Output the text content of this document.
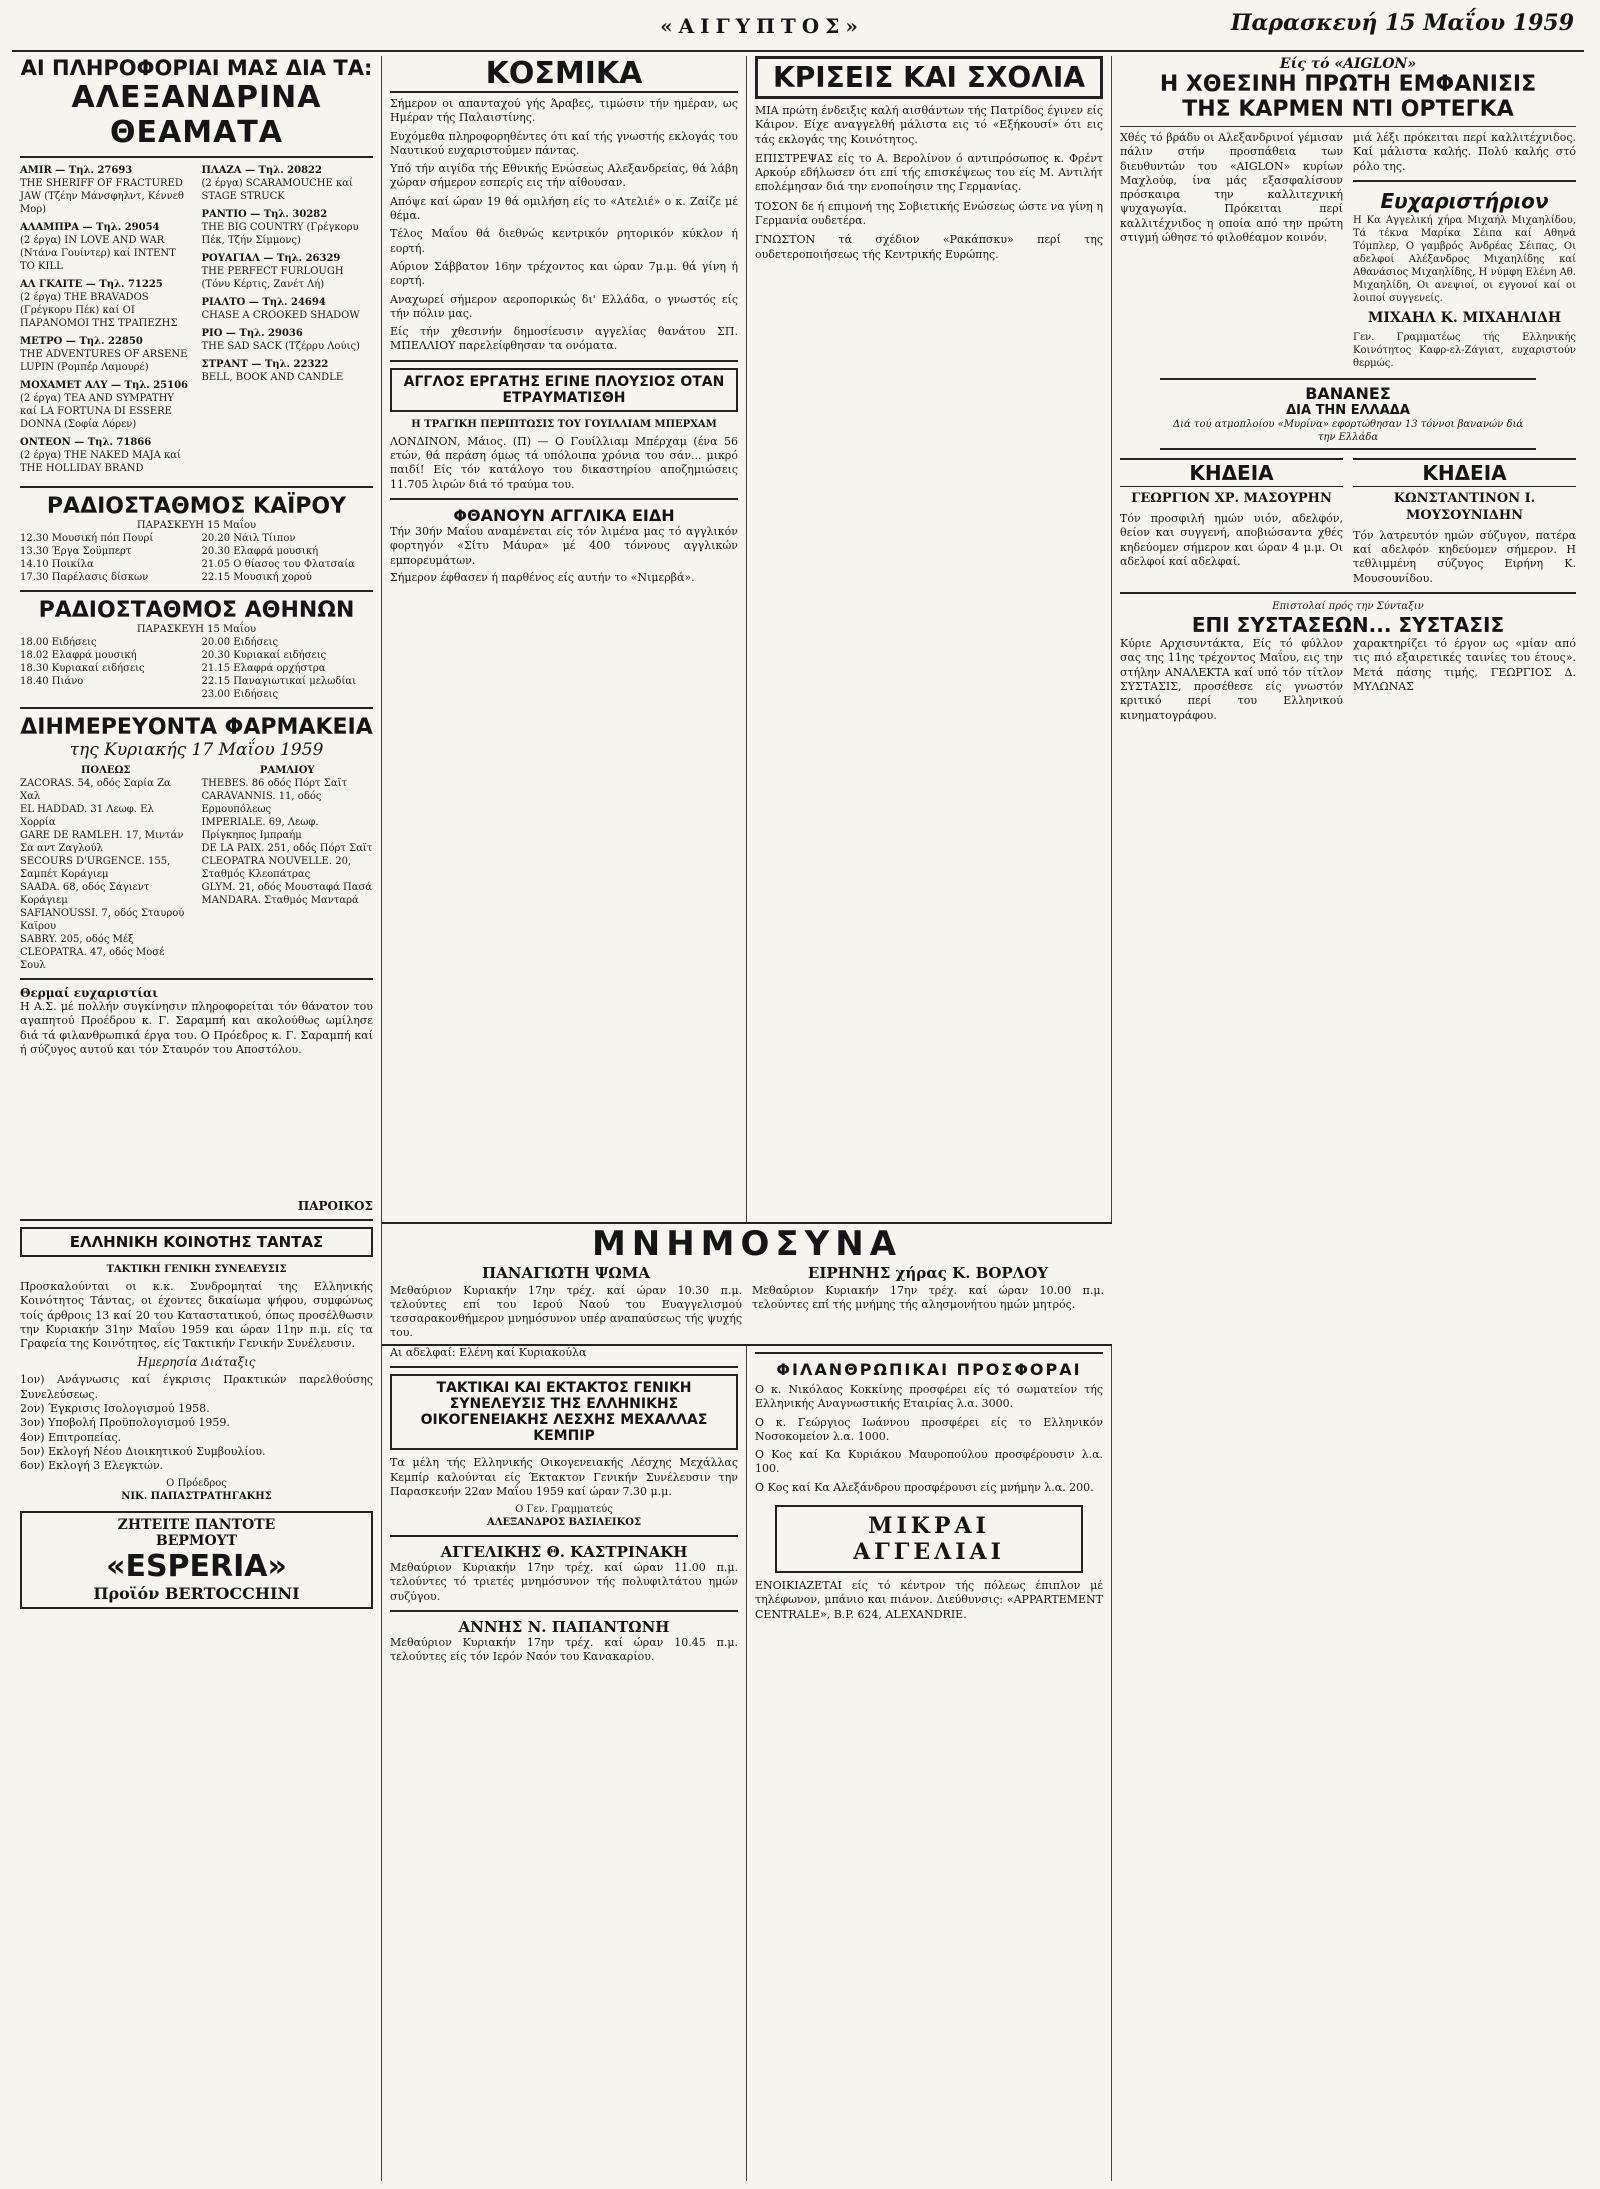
«ΑΙΓΥΠΤΟΣ»	Παρασκευή 15 Μαΐου 1959
ΑΙ ΠΛΗΡΟΦΟΡΙΑΙ ΜΑΣ ΔΙΑ ΤΑ:
ΑΛΕΞΑΝΔΡΙΝΑ ΘΕΑΜΑΤΑ
AMIR — Τηλ. 27693
THE SHERIFF OF FRACTURED JAW (Τζέην Μάνσφηλντ, Κέννεθ Μορ)
ΑΛΑΜΠΡΑ — Τηλ. 29054
(2 έργα) IN LOVE AND WAR (Ντάνα Γουίντερ) καί INTENT TO KILL
ΑΛ ΓΚΑΙΤΕ — Τηλ. 71225
(2 έργα) THE BRAVADOS (Γρέγκορυ Πέκ) καί ΟΙ ΠΑΡΑΝΟΜΟΙ ΤΗΣ ΤΡΑΠΕΖΗΣ
ΜΕΤΡΟ — Τηλ. 22850
THE ADVENTURES OF ARSENE LUPIN (Ρομπέρ Λαμουρέ)
ΜΟΧΑΜΕΤ ΑΛΥ — Τηλ. 25106
(2 έργα) TEA AND SYMPATHY καί LA FORTUNA DI ESSERE DONNA (Σοφία Λόρεν)
ΟΝΤΕΟΝ — Τηλ. 71866
(2 έργα) THE NAKED MAJA καί THE HOLLIDAY BRAND
ΠΛΑΖΑ — Τηλ. 20822
(2 έργα) SCARAMOUCHE καί STAGE STRUCK
ΡΑΝΤΙΟ — Τηλ. 30282
THE BIG COUNTRY (Γρέγκορυ Πέκ, Τζήν Σίμμονς)
ΡΟΥΑΓΙΑΛ — Τηλ. 26329
THE PERFECT FURLOUGH (Τόνυ Κέρτις, Ζανέτ Λή)
ΡΙΑΛΤΟ — Τηλ. 24694
CHASE A CROOKED SHADOW
ΡΙΟ — Τηλ. 29036
THE SAD SACK (Τζέρρυ Λούις)
ΣΤΡΑΝΤ — Τηλ. 22322
BELL, BOOK AND CANDLE
ΡΑΔΙΟΣΤΑΘΜΟΣ ΚΑΪΡΟΥ
ΠΑΡΑΣΚΕΥΗ 15 Μαΐου
12.30 Μουσική πόπ Πουρί
13.30 Έργα Σοϋμπερτ
14.10 Ποικίλα
17.30 Παρέλασις δίσκων
20.20 Νάιλ Τίιπον
20.30 Ελαφρά μουσική
21.05 Ο θίασος του Φλατσαία
22.15 Μουσική χορού
ΡΑΔΙΟΣΤΑΘΜΟΣ ΑΘΗΝΩΝ
ΠΑΡΑΣΚΕΥΗ 15 Μαΐου
18.00 Ειδήσεις
18.02 Ελαφρά μουσική
18.30 Κυριακαί ειδήσεις
18.40 Πιάνο
20.00 Ειδήσεις
20.30 Κυριακαί ειδήσεις
21.15 Ελαφρά ορχήστρα
22.15 Παναγιωτικαί μελωδίαι
23.00 Ειδήσεις
ΔΙΗΜΕΡΕΥΟΝΤΑ ΦΑΡΜΑΚΕΙΑ
της Κυριακής 17 Μαΐου 1959
ΠΟΛΕΩΣ
ZACORAS. 54, οδός Σαρία Ζα Χαλ
EL HADDAD. 31 Λεωφ. Ελ Χορρία
GARE DE RAMLEH. 17, Μιντάν Σα αντ Ζαγλούλ
SECOURS D'URGENCE. 155, Σαμπέτ Κοράγιεμ
SAADA. 68, οδός Σάγιεντ Κοράγιεμ
SAFIANOUSSI. 7, οδός Σταυρού Καϊρου
SABRY. 205, οδός Μέξ
CLEOPATRA. 47, οδός Μοσέ Σουλ
ΡΑΜΛΙΟΥ
THEBES. 86 οδός Πόρτ Σαϊτ
CARAVANNIS. 11, οδός Ερμουπόλεως
IMPERIALE. 69, Λεωφ. Πρίγκηπος Ιμπραήμ
DE LA PAIX. 251, οδός Πόρτ Σαϊτ
CLEOPATRA NOUVELLE. 20, Σταθμός Κλεοπάτρας
GLYM. 21, οδός Μουσταφά Πασά
MANDARA. Σταθμός Μανταρά
Θερμαί ευχαριστίαι
Η Α.Σ. μέ πολλήν συγκίνησιν πληροφορείται τόν θάνατον του αγαπητού Προέδρου κ. Γ. Σαραμπή και ακολούθως ωμίλησε διά τά φιλανθρωπικά έργα του. Ο Πρόεδρος κ. Γ. Σαραμπή καί ή σύζυγος αυτού και τόν Σταυρόν του Αποστόλου.
ΠΑΡΟΙΚΟΣ
ΕΛΛΗΝΙΚΗ ΚΟΙΝΟΤΗΣ ΤΑΝΤΑΣ
ΤΑΚΤΙΚΗ ΓΕΝΙΚΗ ΣΥΝΕΛΕΥΣΙΣ
Προσκαλούνται οι κ.κ. Συνδρομηταί της Ελληνικής Κοινότητος Τάντας, οι έχοντες δικαίωμα ψήφου, συμφώνως τοίς άρθροις 13 καί 20 του Καταστατικού, όπως προσέλθωσιν την Κυριακήν 31ην Μαΐου 1959 και ώραν 11ην π.μ. είς τα Γραφεία της Κοινότητος, είς Τακτικήν Γενικήν Συνέλευσιν.
Ημερησία Διάταξις
1ον) Ανάγνωσις καί έγκρισις Πρακτικών παρελθούσης Συνελεύσεως.
2ον) Έγκρισις Ισολογισμού 1958.
3ον) Υποβολή Προϋπολογισμού 1959.
4ον) Επιτροπείας.
5ον) Εκλογή Νέου Διοικητικού Συμβουλίου.
6ον) Εκλογή 3 Ελεγκτών.
Ο Πρόεδρος
ΝΙΚ. ΠΑΠΑΣΤΡΑΤΗΓΑΚΗΣ
ΖΗΤΕΙΤΕ ΠΑΝΤΟΤΕ
ΒΕΡΜΟΥΤ
«ESPERIA»
Προϊόν BERTOCCHINI
ΚΟΣΜΙΚΑ

Σήμερον οι απανταχού γής Άραβες, τιμώσιν τήν ημέραν, ως Ημέραν τής Παλαιστίνης.

Ευχόμεθα πληροφορηθέντες ότι καί τής γνωστής εκλογάς του Ναυτικού ευχαριστούμεν πάντας.

Υπό τήν αιγίδα τής Εθνικής Ενώσεως Αλεξανδρείας, θά λάβη χώραν σήμερον εσπερίς εις τήν αίθουσαν.

Απόψε καί ώραν 19 θά ομιλήση είς το «Ατελιέ» ο κ. Ζαίζε μέ θέμα.

Τέλος Μαΐου θά διεθνώς κεντρικόν ρητορικόν κύκλον ή εορτή.

Αύριον Σάββατον 16ην τρέχοντος και ώραν 7μ.μ. θά γίνη ή εορτή.

Αναχωρεί σήμερον αεροπορικώς δι' Ελλάδα, ο γνωστός είς τήν πόλιν μας.

Είς τήν χθεσινήν δημοσίευσιν αγγελίας θανάτου ΣΠ. ΜΠΕΛΛΙΟΥ παρελείφθησαν τα ονόματα.

ΑΓΓΛΟΣ ΕΡΓΑΤΗΣ ΕΓΙΝΕ ΠΛΟΥΣΙΟΣ ΟΤΑΝ ΕΤΡΑΥΜΑΤΙΣΘΗ
Η ΤΡΑΓΙΚΗ ΠΕΡΙΠΤΩΣΙΣ ΤΟΥ ΓΟΥΙΛΛΙΑΜ ΜΠΕΡΧΑΜ
ΛΟΝΔΙΝΟΝ, Μάιος. (Π) — Ο Γουίλλιαμ Μπέρχαμ (ένα 56 ετών, θά περάση όμως τά υπόλοιπα χρόνια του σάν... μικρό παιδί! Είς τόν κατάλογο του δικαστηρίου αποζημιώσεις 11.705 λιρών διά τό τραύμα του.
ΦΘΑΝΟΥΝ ΑΓΓΛΙΚΑ ΕΙΔΗ
Τήν 30ήν Μαΐου αναμένεται είς τόν λιμένα μας τό αγγλικόν φορτηγόν «Σίτυ Μάυρα» μέ 400 τόννους αγγλικών εμπορευμάτων.
Σήμερον έφθασεν ή παρθένος είς αυτήν το «Νιμερβά».
ΚΡΙΣΕΙΣ ΚΑΙ ΣΧΟΛΙΑ

ΜΙΑ πρώτη ένδειξις καλή αισθάντων τής Πατρίδος έγινεν είς Κάιρον. Είχε αναγγελθή μάλιστα εις τό «Εξήκουσί» ότι εις τάς εκλογάς της Κοινότητος.

ΕΠΙΣΤΡΕΨΑΣ είς το Α. Βερολίνον ό αντιπρόσωπος κ. Φρέντ Αρκούρ εδήλωσεν ότι επί τής επισκέψεως του είς Μ. Αντιλήτ επολέμησαν διά την ενοποίησιν της Γερμανίας.

ΤΟΣΟΝ δε ή επιμονή της Σοβιετικής Ενώσεως ώστε να γίνη η Γερμανία ουδετέρα.

ΓΝΩΣΤΟΝ τά σχέδιον «Ρακάπσκυ» περί της ουδετεροποιήσεως τής Κεντρικής Ευρώπης.

ΜΝΗΜΟΣΥΝΑ
ΠΑΝΑΓΙΩΤΗ ΨΩΜΑ
Μεθαύριον Κυριακήν 17ην τρέχ. καί ώραν 10.30 π.μ. τελούντες επί του Ιερού Ναού του Ευαγγελισμού τεσσαρακονθήμερον μνημόσυνον υπέρ αναπαύσεως τής ψυχής του.
ΕΙΡΗΝΗΣ χήρας Κ. ΒΟΡΛΟΥ
Μεθαύριον Κυριακήν 17ην τρέχ. καί ώραν 10.00 π.μ. τελούντες επί τής μνήμης τής αλησμονήτου ημών μητρός.
Αι αδελφαί: Ελένη καί Κυριακούλα
ΤΑΚΤΙΚΑΙ ΚΑΙ ΕΚΤΑΚΤΟΣ ΓΕΝΙΚΗ ΣΥΝΕΛΕΥΣΙΣ ΤΗΣ ΕΛΛΗΝΙΚΗΣ ΟΙΚΟΓΕΝΕΙΑΚΗΣ ΛΕΣΧΗΣ ΜΕΧΑΛΛΑΣ ΚΕΜΠΙΡ
Τα μέλη τής Ελληνικής Οικογενειακής Λέσχης Μεχάλλας Κεμπίρ καλούνται είς Έκτακτον Γενικήν Συνέλευσιν την Παρασκευήν 22αν Μαΐου 1959 καί ώραν 7.30 μ.μ.
Ο Γεν. Γραμματεύς
ΑΛΕΞΑΝΔΡΟΣ ΒΑΣΙΛΕΙΚΟΣ
ΑΓΓΕΛΙΚΗΣ Θ. ΚΑΣΤΡΙΝΑΚΗ
Μεθαύριον Κυριακήν 17ην τρέχ. καί ώραν 11.00 π.μ. τελούντες τό τριετές μνημόσυνον τής πολυφιλτάτου ημών συζύγου.
ΑΝΝΗΣ Ν. ΠΑΠΑΝΤΩΝΗ
Μεθαύριον Κυριακήν 17ην τρέχ. καί ώραν 10.45 π.μ. τελούντες είς τόν Ιερόν Ναόν του Κανακαρίου.
ΦΙΛΑΝΘΡΩΠΙΚΑΙ ΠΡΟΣΦΟΡΑΙ

Ο κ. Νικόλαος Κοκκίνης προσφέρει είς τό σωματείον τής Ελληνικής Αναγνωστικής Εταιρίας λ.α. 3000.

Ο κ. Γεώργιος Ιωάννου προσφέρει είς το Ελληνικόν Νοσοκομείον λ.α. 1000.

Ο Κος καί Κα Κυριάκου Μαυροπούλου προσφέρουσιν λ.α. 100.

Ο Κος καί Κα Αλεξάνδρου προσφέρουσι είς μνήμην λ.α. 200.

ΜΙΚΡΑΙ
ΑΓΓΕΛΙΑΙ
ΕΝΟΙΚΙΑΖΕΤΑΙ είς τό κέντρον τής πόλεως έπιπλον μέ τηλέφωνον, μπάνιο και πιάνον. Διεύθυνσις: «APPARTEMENT CENTRALE», B.P. 624, ALEXANDRIE.
Είς τό «AIGLON»
Η ΧΘΕΣΙΝΗ ΠΡΩΤΗ ΕΜΦΑΝΙΣΙΣ
ΤΗΣ ΚΑΡΜΕΝ ΝΤΙ ΟΡΤΕΓΚΑ
Χθές τό βράδυ οι Αλεξανδρινοί γέμισαν πάλιν στήν προσπάθεια των διευθυντών του «AIGLON» κυρίων Μαχλούφ, ίνα μάς εξασφαλίσουν πρόσκαιρα την καλλιτεχνική ψυχαγωγία. Πρόκειται περί καλλιτέχνιδος η οποία από την πρώτη στιγμή ώθησε τό φιλοθέαμον κοινόν.
μιά λέξι πρόκειται περί καλλιτέχνιδος. Καί μάλιστα καλής. Πολύ καλής στό ρόλο της.
Ευχαριστήριον
Η Κα Αγγελική χήρα Μιχαήλ Μιχαηλίδου, Τά τέκνα Μαρίκα Σέιπα καί Αθηνά Τόμπλερ, Ο γαμβρός Άνδρέας Σέιπας, Οι αδελφοί Αλέξανδρος Μιχαηλίδης καί Αθανάσιος Μιχαηλίδης, Η νύμφη Ελένη Αθ. Μιχαηλίδη, Οι ανεψιοί, οι εγγονοί καί οι λοιποί συγγενείς.
ΜΙΧΑΗΛ Κ. ΜΙΧΑΗΛΙΔΗ
Γεν. Γραμματέως τής Ελληνικής Κοινότητος Καφρ-ελ-Ζάγιατ, ευχαριστούν θερμώς.
ΒΑΝΑΝΕΣ
ΔΙΑ ΤΗΝ ΕΛΛΑΔΑ
Διά τού ατμοπλοίου «Μυρίνα» εφορτώθησαν 13 τόννοι βανανών διά την Ελλάδα
ΚΗΔΕΙΑ
ΓΕΩΡΓΙΟΝ ΧΡ. ΜΑΣΟΥΡΗΝ
Τόν προσφιλή ημών υιόν, αδελφόν, θείον και συγγενή, αποβιώσαντα χθές κηδεύομεν σήμερον και ώραν 4 μ.μ. Οι αδελφοί καί αδελφαί.
ΚΗΔΕΙΑ
ΚΩΝΣΤΑΝΤΙΝΟΝ Ι. ΜΟΥΣΟΥΝΙΔΗΝ
Τόν λατρευτόν ημών σύζυγον, πατέρα καί αδελφόν κηδεύομεν σήμερον. Η τεθλιμμένη σύζυγος Ειρήνη Κ. Μουσουνίδου.
Επιστολαί πρός την Σύνταξιν
ΕΠΙ ΣΥΣΤΑΣΕΩΝ... ΣΥΣΤΑΣΙΣ
Κύριε Αρχισυντάκτα, Είς τό φύλλον σας της 11ης τρέχοντος Μαΐου, εις την στήλην ΑΝΑΛΕΚΤΑ καί υπό τόν τίτλον ΣΥΣΤΑΣΙΣ, προσέθεσε είς γνωστόν κριτικό περί του Ελληνικού κινηματογράφου.
χαρακτηρίζει τό έργον ως «μίαν από τις πιό εξαιρετικές ταινίες του έτους». Μετά πάσης τιμής, ΓΕΩΡΓΙΟΣ Δ. ΜΥΛΩΝΑΣ
